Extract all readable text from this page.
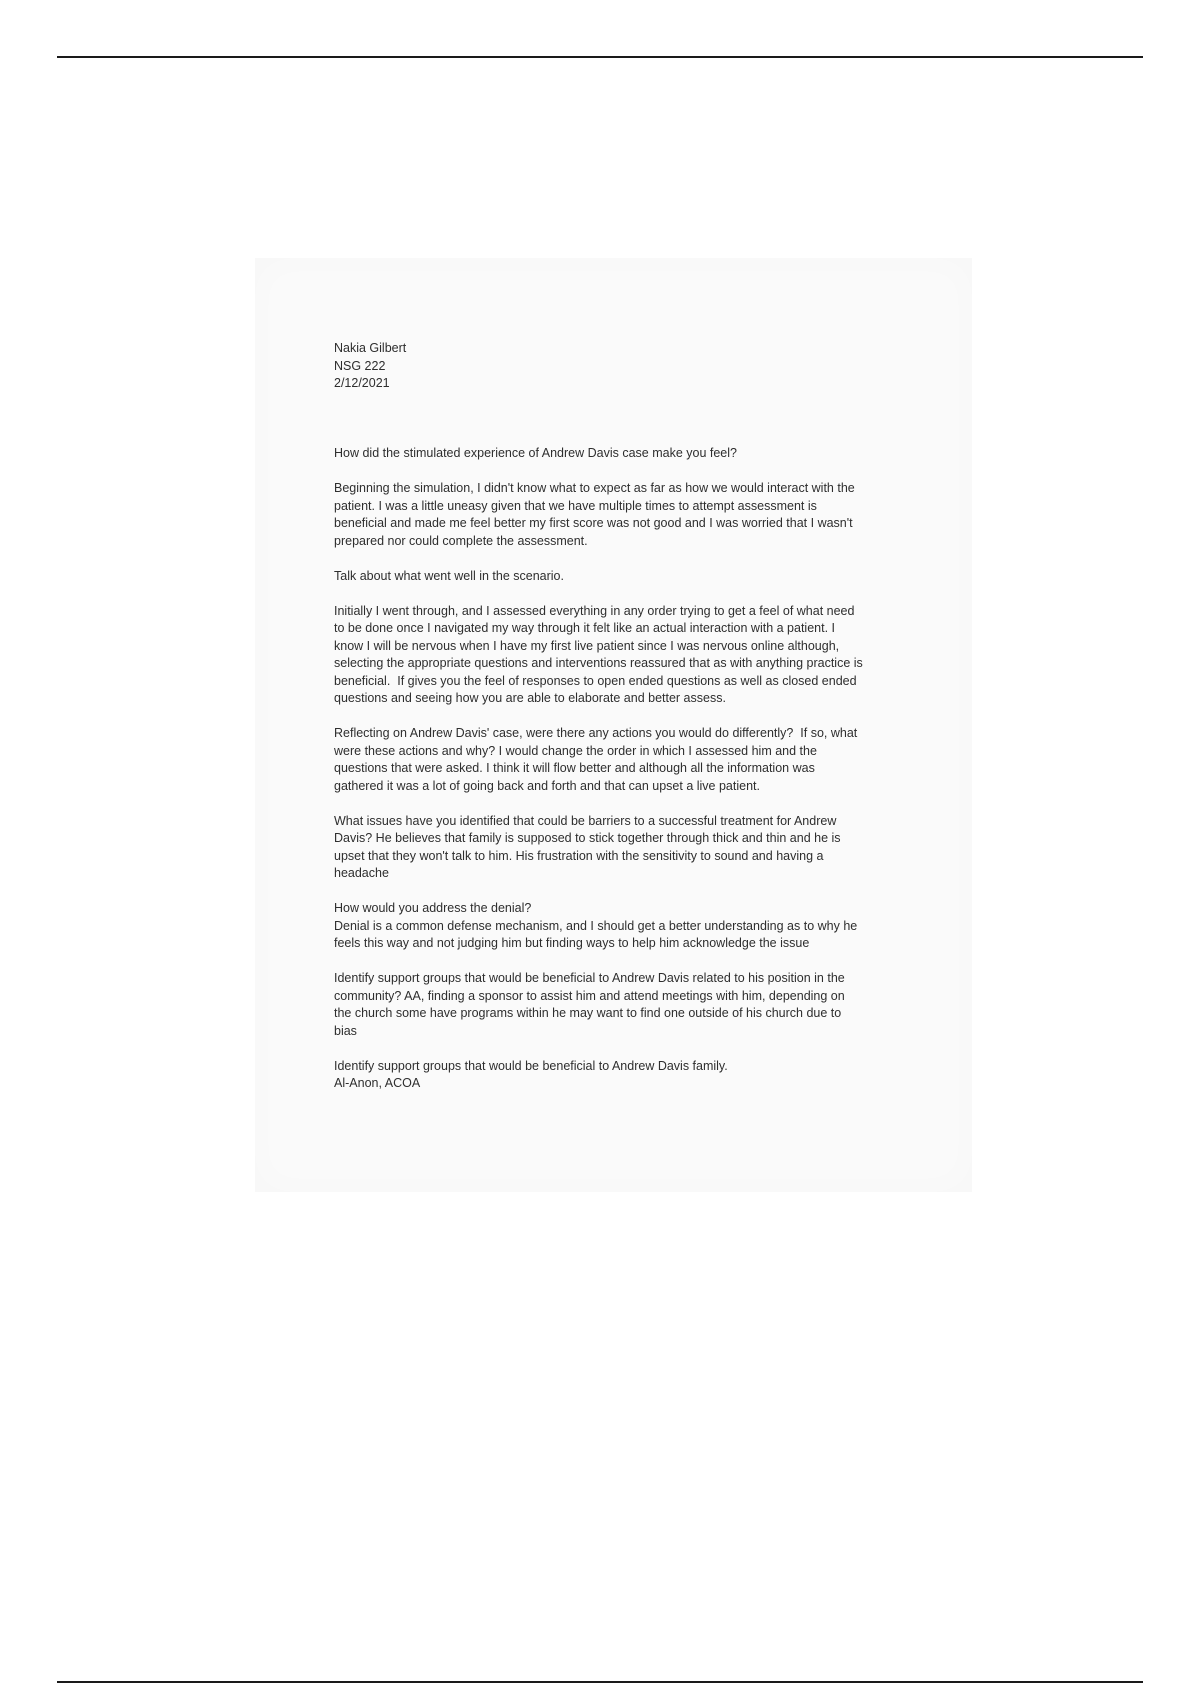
Nakia Gilbert
NSG 222
2/12/2021
How did the stimulated experience of Andrew Davis case make you feel?
Beginning the simulation, I didn't know what to expect as far as how we would interact with the
patient. I was a little uneasy given that we have multiple times to attempt assessment is
beneficial and made me feel better my first score was not good and I was worried that I wasn't
prepared nor could complete the assessment.
Talk about what went well in the scenario.
Initially I went through, and I assessed everything in any order trying to get a feel of what need
to be done once I navigated my way through it felt like an actual interaction with a patient. I
know I will be nervous when I have my first live patient since I was nervous online although,
selecting the appropriate questions and interventions reassured that as with anything practice is
beneficial.  If gives you the feel of responses to open ended questions as well as closed ended
questions and seeing how you are able to elaborate and better assess.
Reflecting on Andrew Davis' case, were there any actions you would do differently?  If so, what
were these actions and why? I would change the order in which I assessed him and the
questions that were asked. I think it will flow better and although all the information was
gathered it was a lot of going back and forth and that can upset a live patient.
What issues have you identified that could be barriers to a successful treatment for Andrew
Davis? He believes that family is supposed to stick together through thick and thin and he is
upset that they won't talk to him. His frustration with the sensitivity to sound and having a
headache
How would you address the denial?
Denial is a common defense mechanism, and I should get a better understanding as to why he
feels this way and not judging him but finding ways to help him acknowledge the issue
Identify support groups that would be beneficial to Andrew Davis related to his position in the
community? AA, finding a sponsor to assist him and attend meetings with him, depending on
the church some have programs within he may want to find one outside of his church due to
bias
Identify support groups that would be beneficial to Andrew Davis family.
Al-Anon, ACOA
